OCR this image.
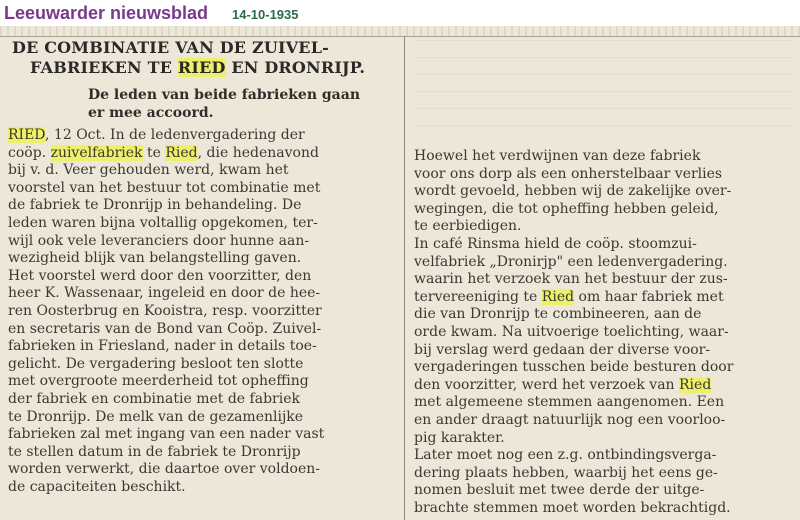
Leeuwarder nieuwsblad 14-10-1935
DE COMBINATIE VAN DE ZUIVEL-
FABRIEKEN TE RIED EN DRONRIJP.
De leden van beide fabrieken gaan
er mee accoord.
RIED, 12 Oct. In de ledenvergadering der
coöp. zuivelfabriek te Ried, die hedenavond
bij v. d. Veer gehouden werd, kwam het
voorstel van het bestuur tot combinatie met
de fabriek te Dronrijp in behandeling. De
leden waren bijna voltallig opgekomen, ter-
wijl ook vele leveranciers door hunne aan-
wezigheid blijk van belangstelling gaven.
Het voorstel werd door den voorzitter, den
heer K. Wassenaar, ingeleid en door de hee-
ren Oosterbrug en Kooistra, resp. voorzitter
en secretaris van de Bond van Coöp. Zuivel-
fabrieken in Friesland, nader in details toe-
gelicht. De vergadering besloot ten slotte
met overgroote meerderheid tot opheffing
der fabriek en combinatie met de fabriek
te Dronrijp. De melk van de gezamenlijke
fabrieken zal met ingang van een nader vast
te stellen datum in de fabriek te Dronrijp
worden verwerkt, die daartoe over voldoen-
de capaciteiten beschikt.
Hoewel het verdwijnen van deze fabriek
voor ons dorp als een onherstelbaar verlies
wordt gevoeld, hebben wij de zakelijke over-
wegingen, die tot opheffing hebben geleid,
te eerbiedigen.
In café Rinsma hield de coöp. stoomzui-
velfabriek „Dronirjp" een ledenvergadering.
waarin het verzoek van het bestuur der zus-
tervereeniging te Ried om haar fabriek met
die van Dronrijp te combineeren, aan de
orde kwam. Na uitvoerige toelichting, waar-
bij verslag werd gedaan der diverse voor-
vergaderingen tusschen beide besturen door
den voorzitter, werd het verzoek van Ried
met algemeene stemmen aangenomen. Een
en ander draagt natuurlijk nog een voorloo-
pig karakter.
Later moet nog een z.g. ontbindingsverga-
dering plaats hebben, waarbij het eens ge-
nomen besluit met twee derde der uitge-
brachte stemmen moet worden bekrachtigd.
